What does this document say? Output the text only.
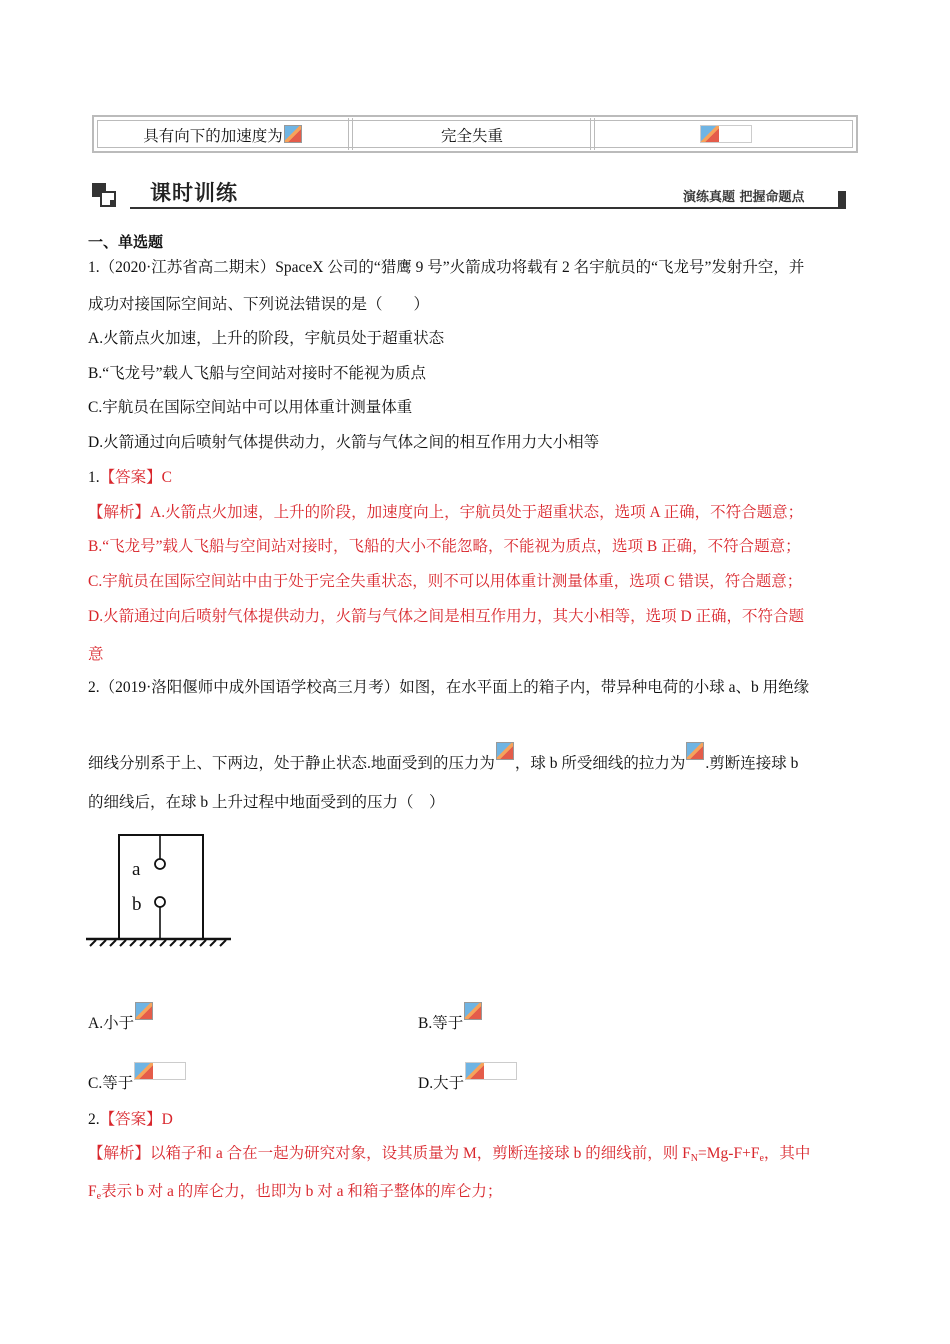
具有向下的加速度为	完全失重
课时训练	演练真题 把握命题点
一、单选题
1.（2020·江苏省高二期末）SpaceX 公司的“猎鹰 9 号”火箭成功将载有 2 名宇航员的“飞龙号”发射升空，并
成功对接国际空间站、下列说法错误的是（　　）
A.火箭点火加速，上升的阶段，宇航员处于超重状态
B.“飞龙号”载人飞船与空间站对接时不能视为质点
C.宇航员在国际空间站中可以用体重计测量体重
D.火箭通过向后喷射气体提供动力，火箭与气体之间的相互作用力大小相等
1.【答案】C
【解析】A.火箭点火加速，上升的阶段，加速度向上，宇航员处于超重状态，选项 A 正确，不符合题意；
B.“飞龙号”载人飞船与空间站对接时，飞船的大小不能忽略，不能视为质点，选项 B 正确，不符合题意；
C.宇航员在国际空间站中由于处于完全失重状态，则不可以用体重计测量体重，选项 C 错误，符合题意；
D.火箭通过向后喷射气体提供动力，火箭与气体之间是相互作用力，其大小相等，选项 D 正确，不符合题
意
2.（2019·洛阳偃师中成外国语学校高三月考）如图，在水平面上的箱子内，带异种电荷的小球 a、b 用绝缘
细线分别系于上、下两边，处于静止状态.地面受到的压力为 ，球 b 所受细线的拉力为 .剪断连接球 b
的细线后，在球 b 上升过程中地面受到的压力（　）
a
b
A.小于	B.等于
C.等于	D.大于
2.【答案】D
【解析】以箱子和 a 合在一起为研究对象，设其质量为 M，剪断连接球 b 的细线前，则 FN=Mg-F+Fe，其中
Fe表示 b 对 a 的库仑力，也即为 b 对 a 和箱子整体的库仑力；
